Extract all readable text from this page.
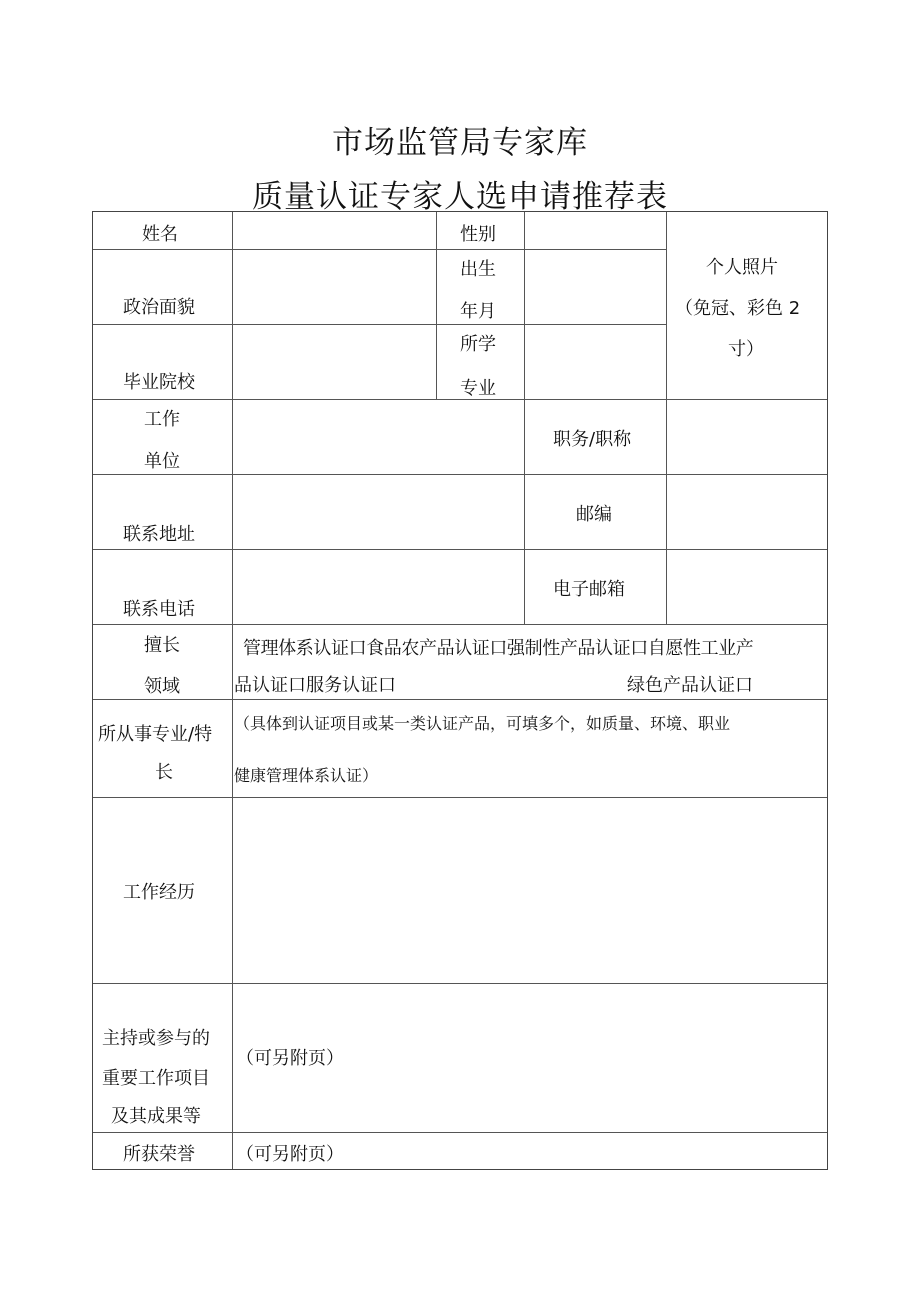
市场监管局专家库
质量认证专家人选申请推荐表
姓名	性别
个人照片
（免冠、彩色 2
寸）
政治面貌
出生
年月
毕业院校
所学
专业
工作
单位
职务/职称
联系地址
邮编
联系电话
电子邮箱
擅长
领域
管理体系认证口食品农产品认证口强制性产品认证口自愿性工业产
品认证口服务认证口	绿色产品认证口
所从事专业/特
长
（具体到认证项目或某一类认证产品，可填多个，如质量、环境、职业
健康管理体系认证）
工作经历
主持或参与的
重要工作项目
及其成果等
（可另附页）
所获荣誉 （可另附页）
